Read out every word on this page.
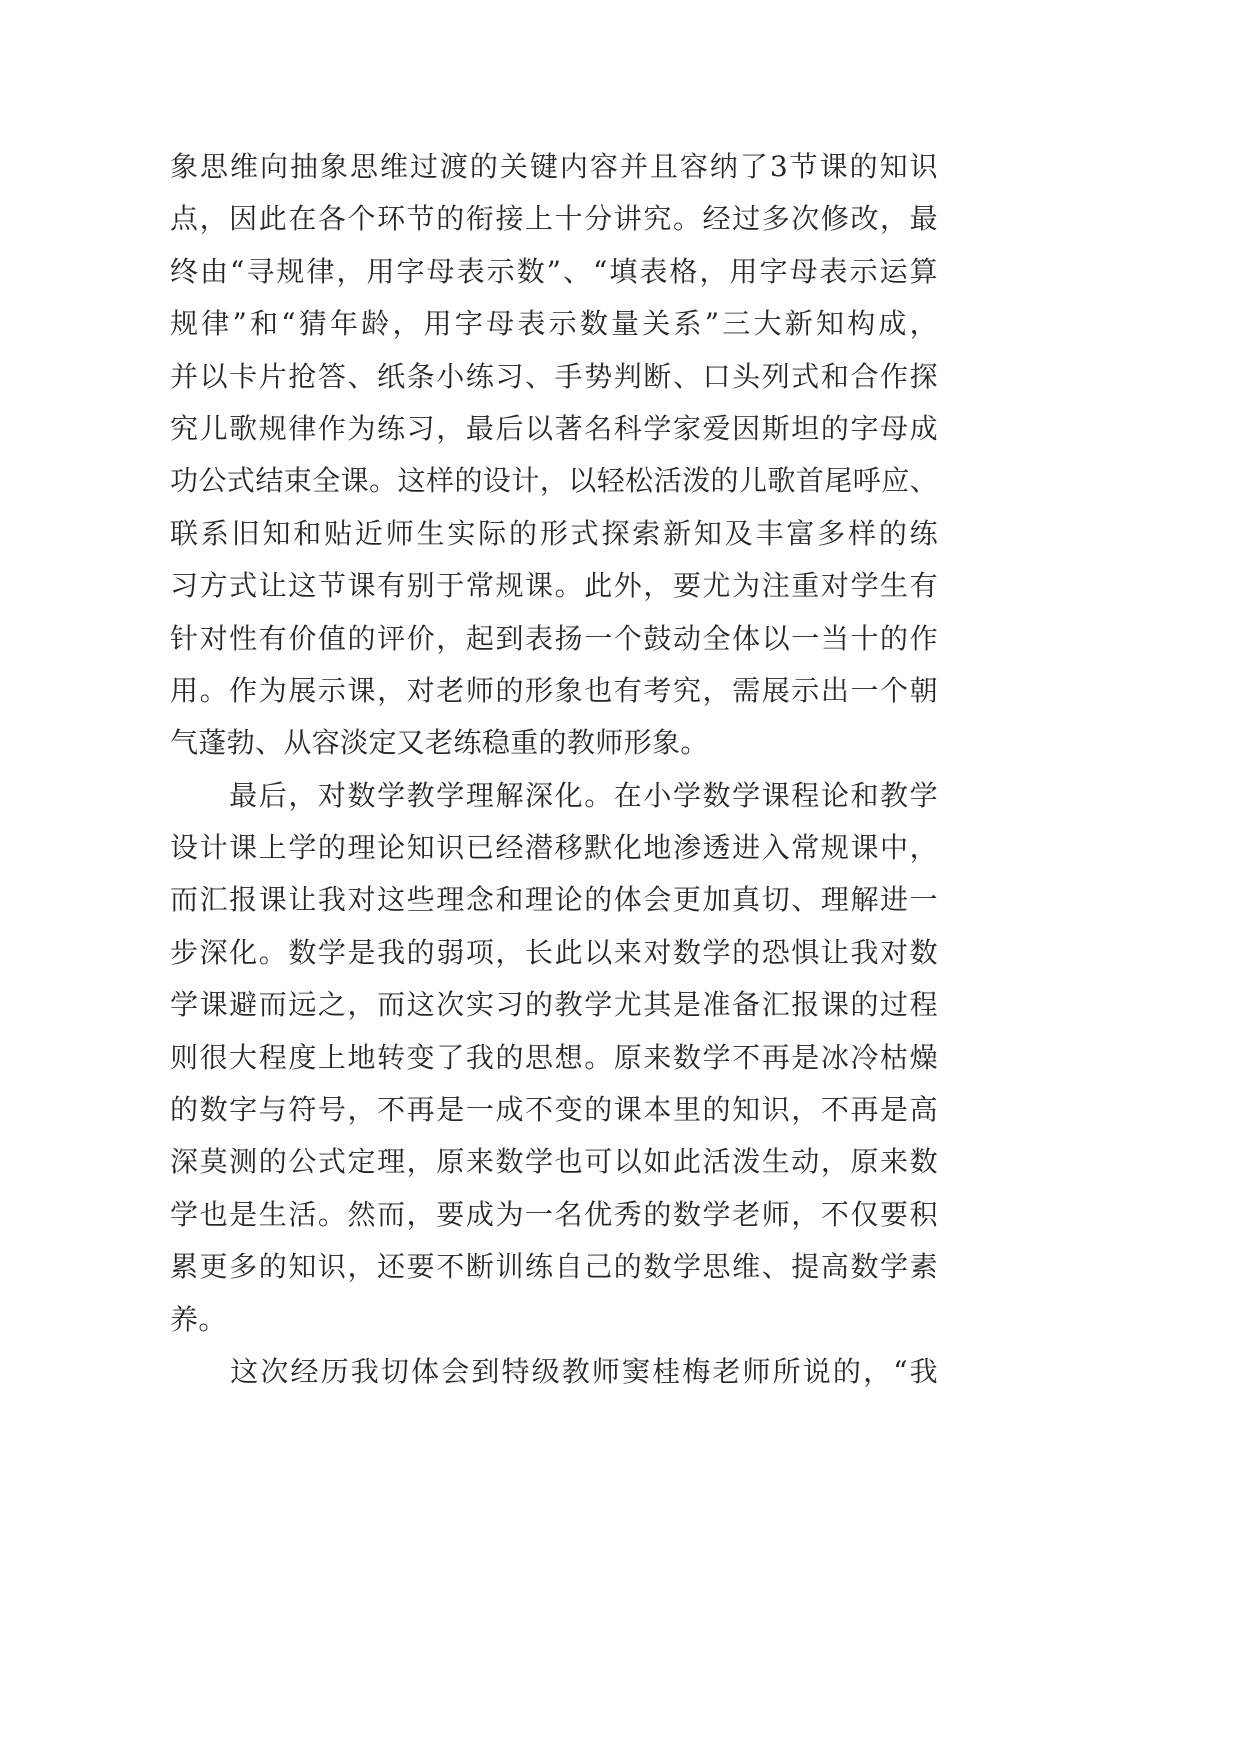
象思维向抽象思维过渡的关键内容并且容纳了3节课的知识
点，因此在各个环节的衔接上十分讲究。经过多次修改，最
终由“寻规律，用字母表示数”、“填表格，用字母表示运算
规律”和“猜年龄，用字母表示数量关系”三大新知构成，
并以卡片抢答、纸条小练习、手势判断、口头列式和合作探
究儿歌规律作为练习，最后以著名科学家爱因斯坦的字母成
功公式结束全课。这样的设计，以轻松活泼的儿歌首尾呼应、
联系旧知和贴近师生实际的形式探索新知及丰富多样的练
习方式让这节课有别于常规课。此外，要尤为注重对学生有
针对性有价值的评价，起到表扬一个鼓动全体以一当十的作
用。作为展示课，对老师的形象也有考究，需展示出一个朝
气蓬勃、从容淡定又老练稳重的教师形象。
　　最后，对数学教学理解深化。在小学数学课程论和教学
设计课上学的理论知识已经潜移默化地渗透进入常规课中，
而汇报课让我对这些理念和理论的体会更加真切、理解进一
步深化。数学是我的弱项，长此以来对数学的恐惧让我对数
学课避而远之，而这次实习的教学尤其是准备汇报课的过程
则很大程度上地转变了我的思想。原来数学不再是冰冷枯燥
的数字与符号，不再是一成不变的课本里的知识，不再是高
深莫测的公式定理，原来数学也可以如此活泼生动，原来数
学也是生活。然而，要成为一名优秀的数学老师，不仅要积
累更多的知识，还要不断训练自己的数学思维、提高数学素
养。
　　这次经历我切体会到特级教师窦桂梅老师所说的，“我
